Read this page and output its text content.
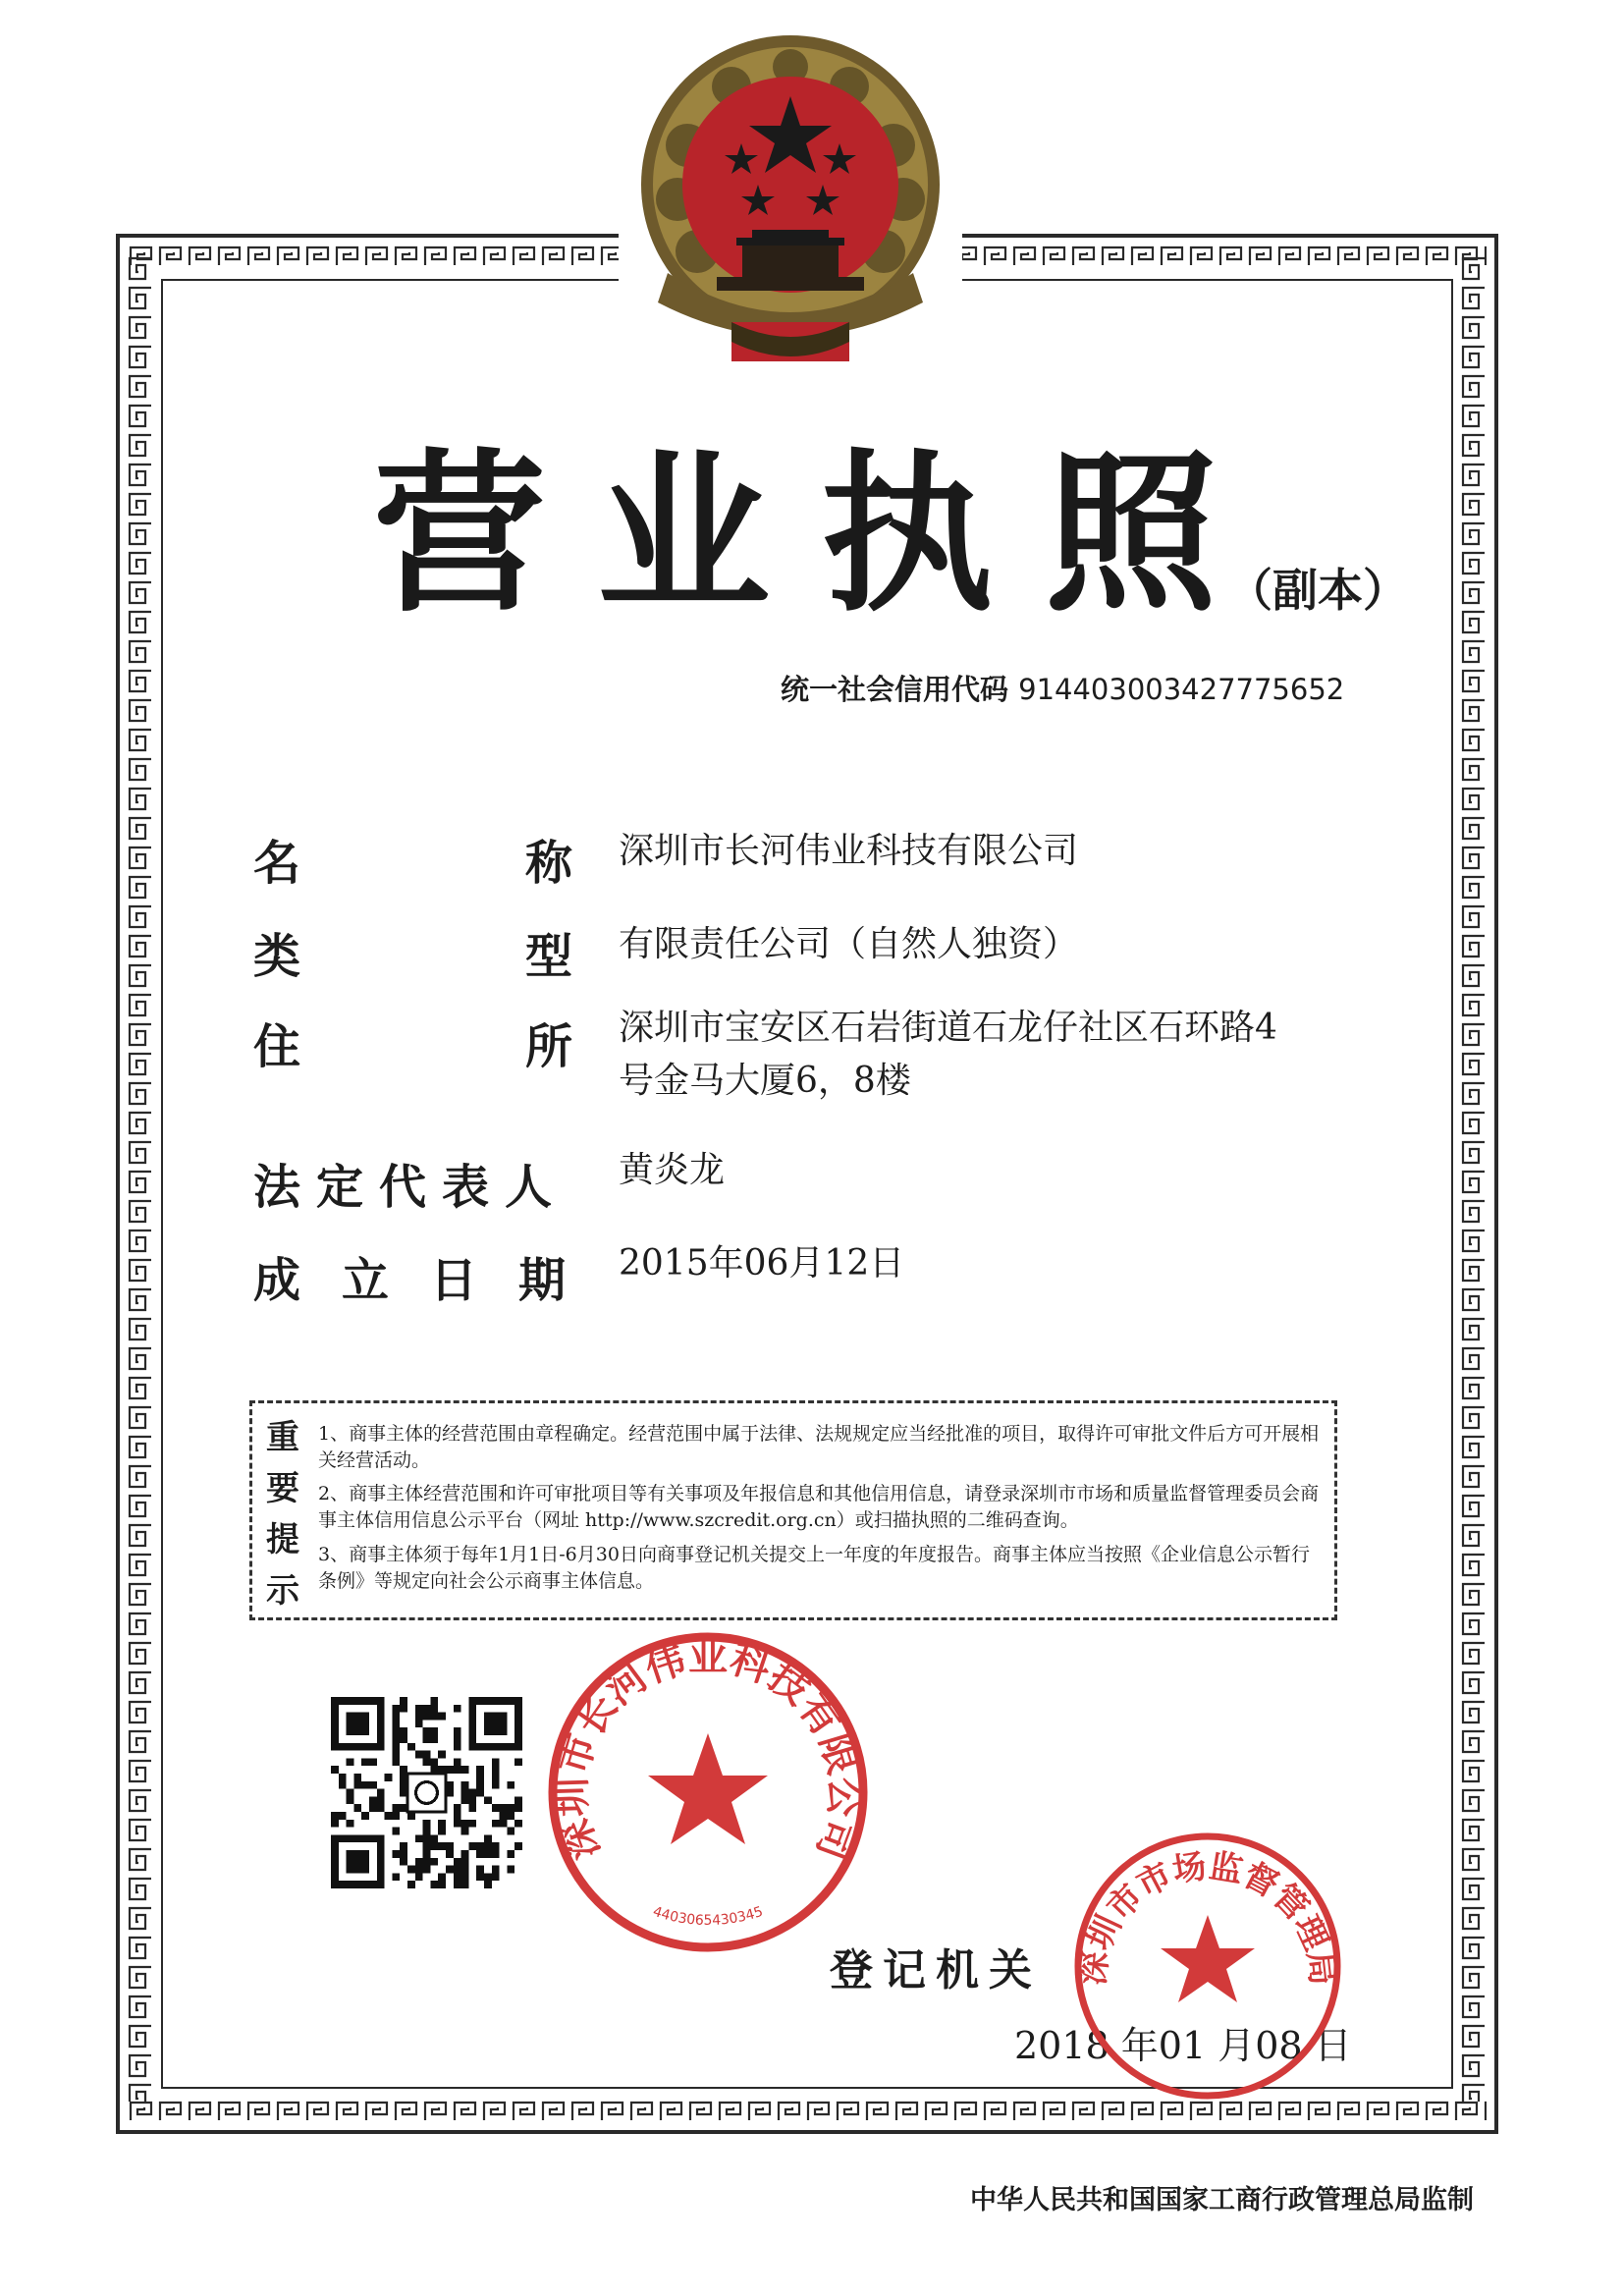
营业执照
（副本）
统一社会信用代码 914403003427775652
名	称 深圳市长河伟业科技有限公司
类	型 有限责任公司（自然人独资）
住	所 深圳市宝安区石岩街道石龙仔社区石环路4
号金马大厦6，8楼
法定代表人 黄炎龙
成立日期 2015年06月12日
重要提示
1、商事主体的经营范围由章程确定。经营范围中属于法律、法规规定应当经批准的项目，取得许可审批文件后方可开展相关经营活动。
2、商事主体经营范围和许可审批项目等有关事项及年报信息和其他信用信息，请登录深圳市市场和质量监督管理委员会商事主体信用信息公示平台（网址 http://www.szcredit.org.cn）或扫描执照的二维码查询。
3、商事主体须于每年1月1日-6月30日向商事登记机关提交上一年度的年度报告。商事主体应当按照《企业信息公示暂行条例》等规定向社会公示商事主体信息。
深圳市长河伟业科技有限公司
4403065430345
登记机关
2018 年01 月08 日
深圳市市场监督管理局
中华人民共和国国家工商行政管理总局监制
